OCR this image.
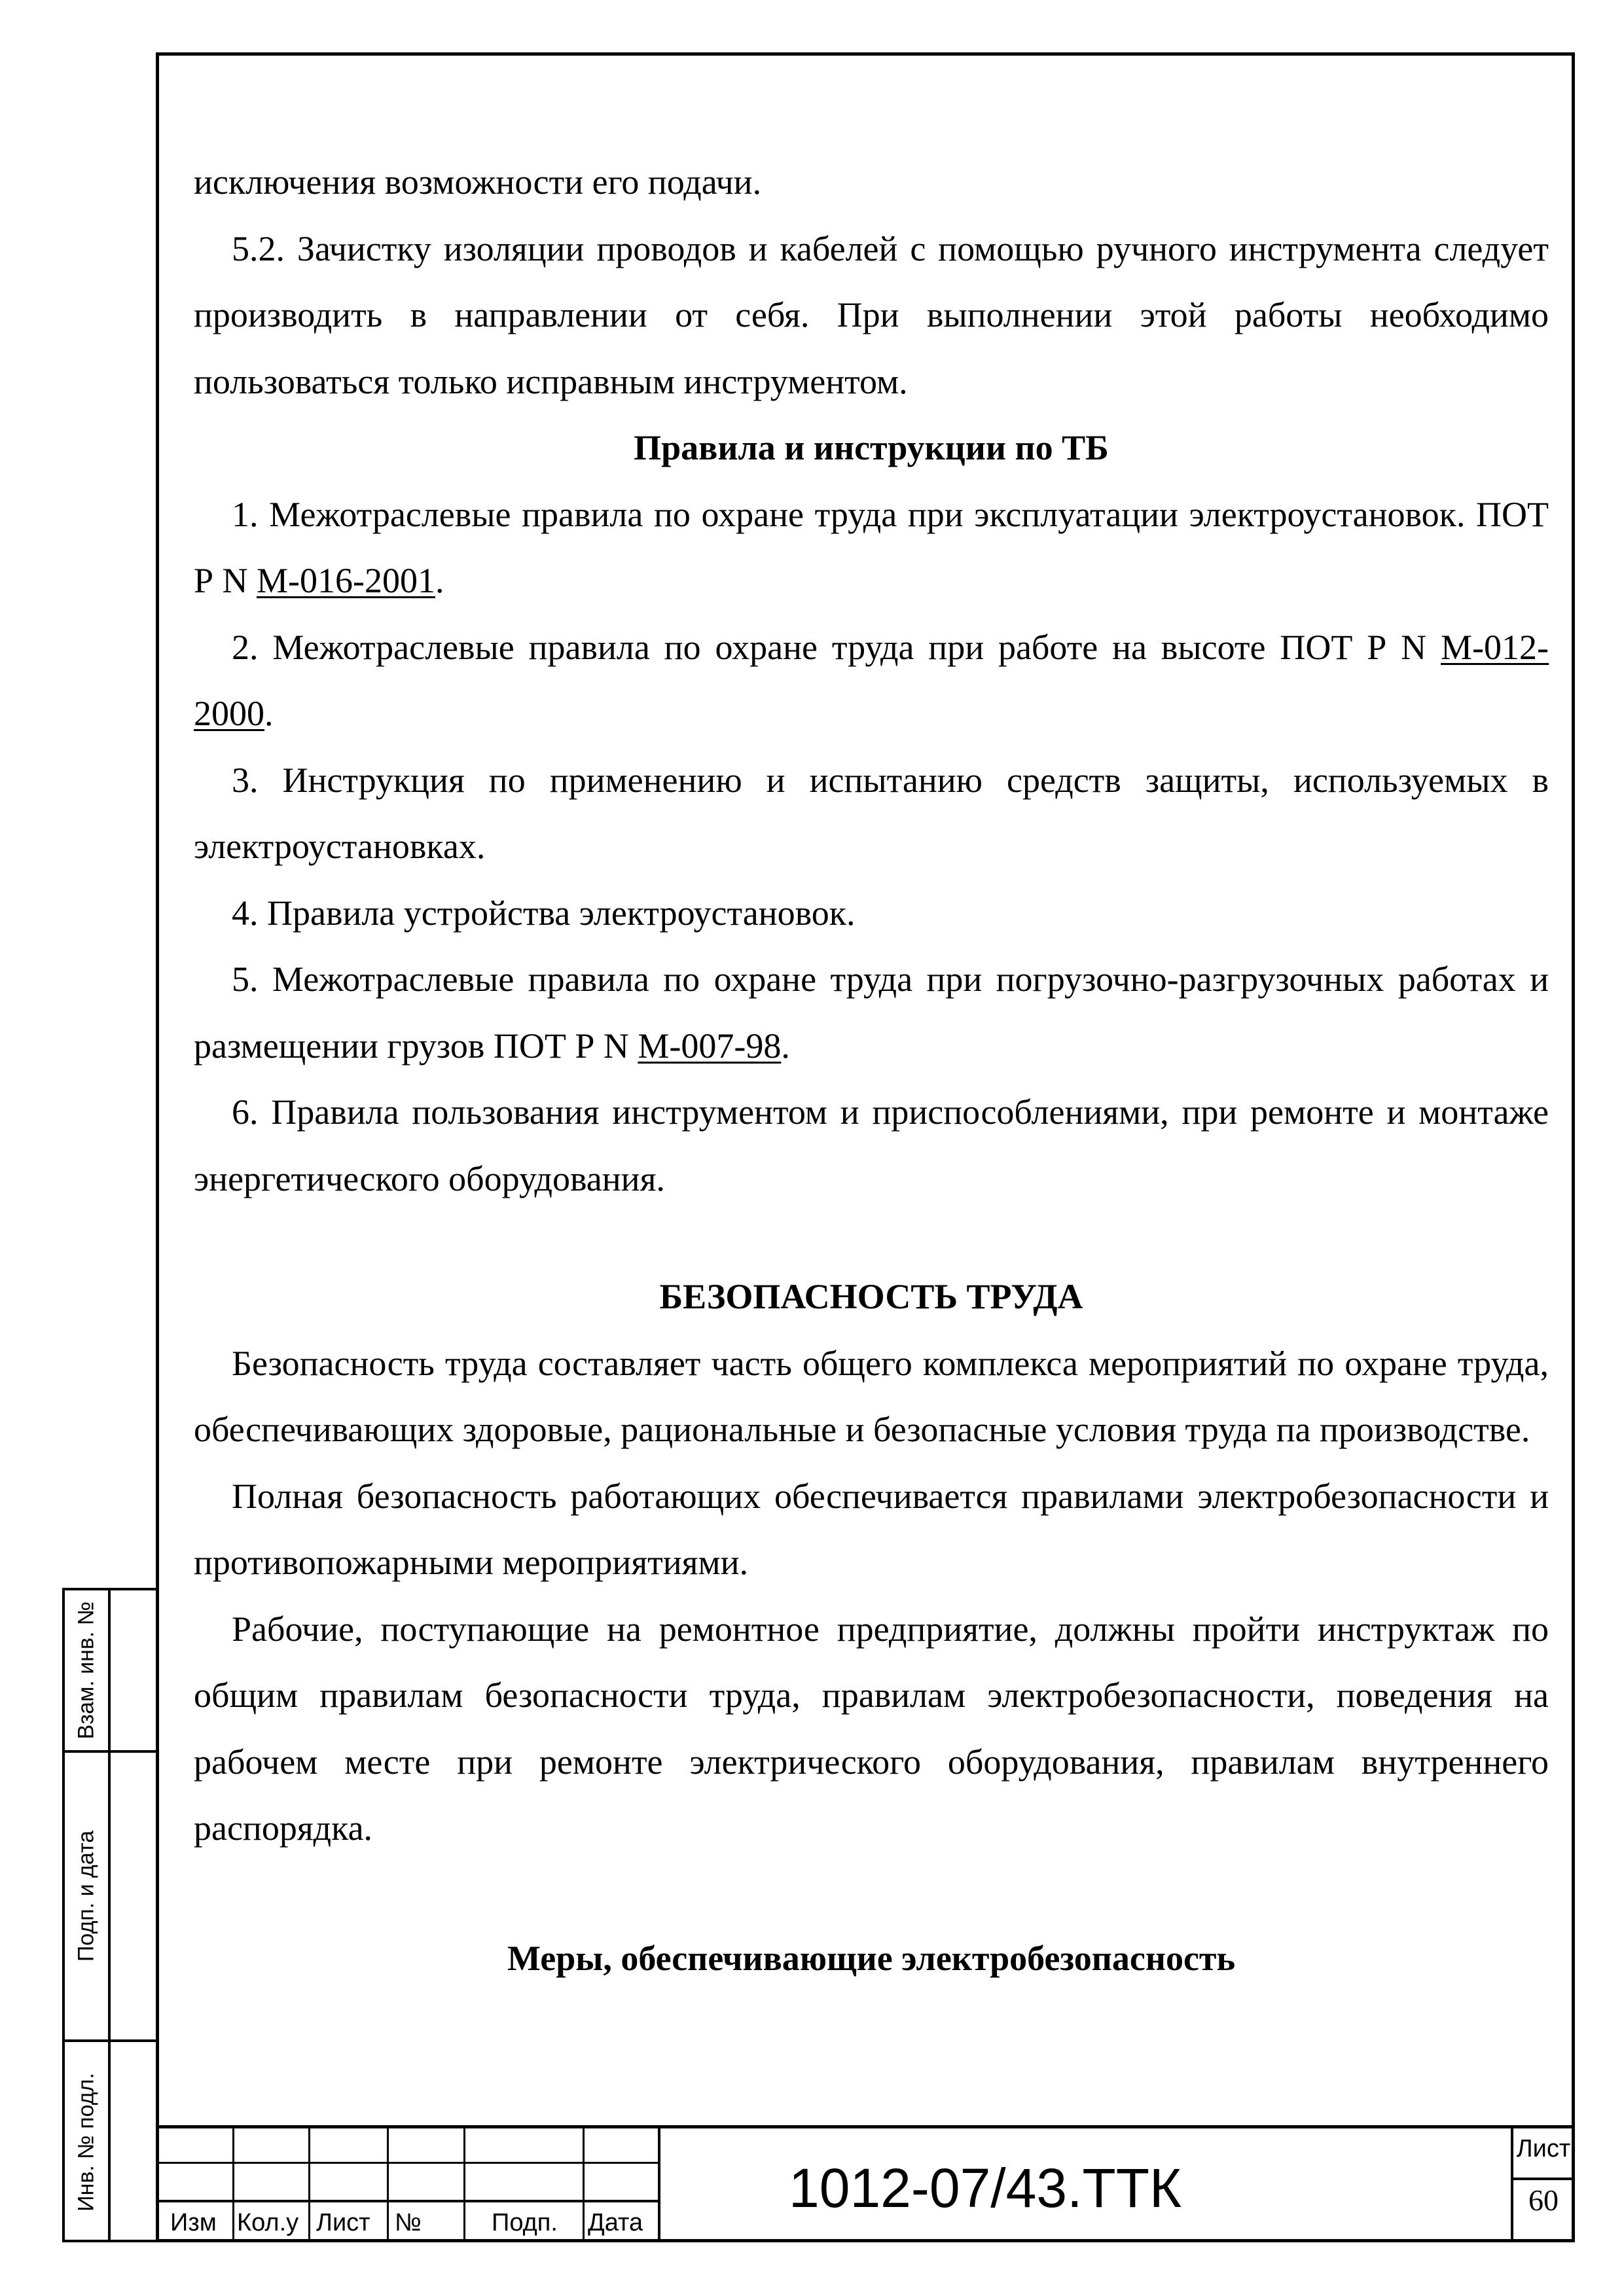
исключения возможности его подачи.

5.2. Зачистку изоляции проводов и кабелей с помощью ручного инструмента следует производить в направлении от себя. При выполнении этой работы необходимо пользоваться только исправным инструментом.

Правила и инструкции по ТБ

1. Межотраслевые правила по охране труда при эксплуатации электроустановок. ПОТ Р N М-016-2001.

2. Межотраслевые правила по охране труда при работе на высоте ПОТ Р N М-012-2000.

3. Инструкция по применению и испытанию средств защиты, используемых в электроустановках.

4. Правила устройства электроустановок.

5. Межотраслевые правила по охране труда при погрузочно-разгрузочных работах и размещении грузов ПОТ Р N М-007-98.

6. Правила пользования инструментом и приспособлениями, при ремонте и монтаже энергетического оборудования.

БЕЗОПАСНОСТЬ ТРУДА

Безопасность труда составляет часть общего комплекса мероприятий по охране труда, обеспечивающих здоровые, рациональные и безопасные условия труда па производстве.

Полная безопасность работающих обеспечивается правилами электробезопасности и противопожарными мероприятиями.

Рабочие, поступающие на ремонтное предприятие, должны пройти инструктаж по общим правилам безопасности труда, правилам электробезопасности, поведения на рабочем месте при ремонте электрического оборудования, правилам внутреннего распорядка.

Меры, обеспечивающие электробезопасность

Взам. инв. №
Подп. и дата
Инв. № подл.
Изм Кол.у Лист №	Подп. Дата
1012-07/43.ТТК
Лист
60
